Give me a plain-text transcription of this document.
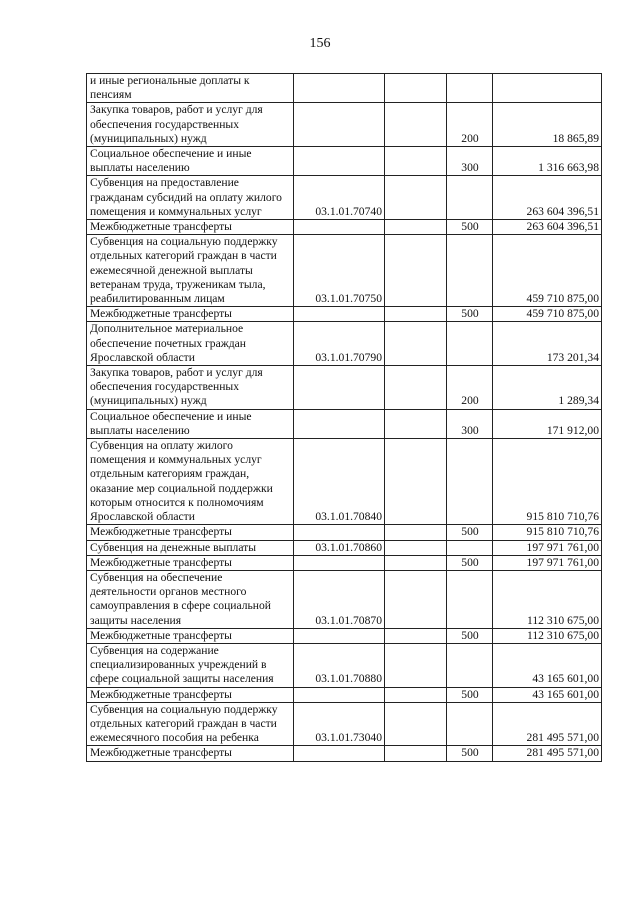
156
и иные региональные доплаты к пенсиям				
Закупка товаров, работ и услуг для обеспечения государственных (муниципальных) нужд			200	18 865,89
Социальное обеспечение и иные выплаты населению			300	1 316 663,98
Субвенция на предоставление гражданам субсидий на оплату жилого помещения и коммунальных услуг	03.1.01.70740			263 604 396,51
Межбюджетные трансферты			500	263 604 396,51
Субвенция на социальную поддержку отдельных категорий граждан в части ежемесячной денежной выплаты ветеранам труда, труженикам тыла, реабилитированным лицам	03.1.01.70750			459 710 875,00
Межбюджетные трансферты			500	459 710 875,00
Дополнительное материальное обеспечение почетных граждан Ярославской области	03.1.01.70790			173 201,34
Закупка товаров, работ и услуг для обеспечения государственных (муниципальных) нужд			200	1 289,34
Социальное обеспечение и иные выплаты населению			300	171 912,00
Субвенция на оплату жилого помещения и коммунальных услуг отдельным категориям граждан, оказание мер социальной поддержки которым относится к полномочиям Ярославской области	03.1.01.70840			915 810 710,76
Межбюджетные трансферты			500	915 810 710,76
Субвенция на денежные выплаты	03.1.01.70860			197 971 761,00
Межбюджетные трансферты			500	197 971 761,00
Субвенция на обеспечение деятельности органов местного самоуправления в сфере социальной защиты населения	03.1.01.70870			112 310 675,00
Межбюджетные трансферты			500	112 310 675,00
Субвенция на содержание специализированных учреждений в сфере социальной защиты населения	03.1.01.70880			43 165 601,00
Межбюджетные трансферты			500	43 165 601,00
Субвенция на социальную поддержку отдельных категорий граждан в части ежемесячного пособия на ребенка	03.1.01.73040			281 495 571,00
Межбюджетные трансферты			500	281 495 571,00
